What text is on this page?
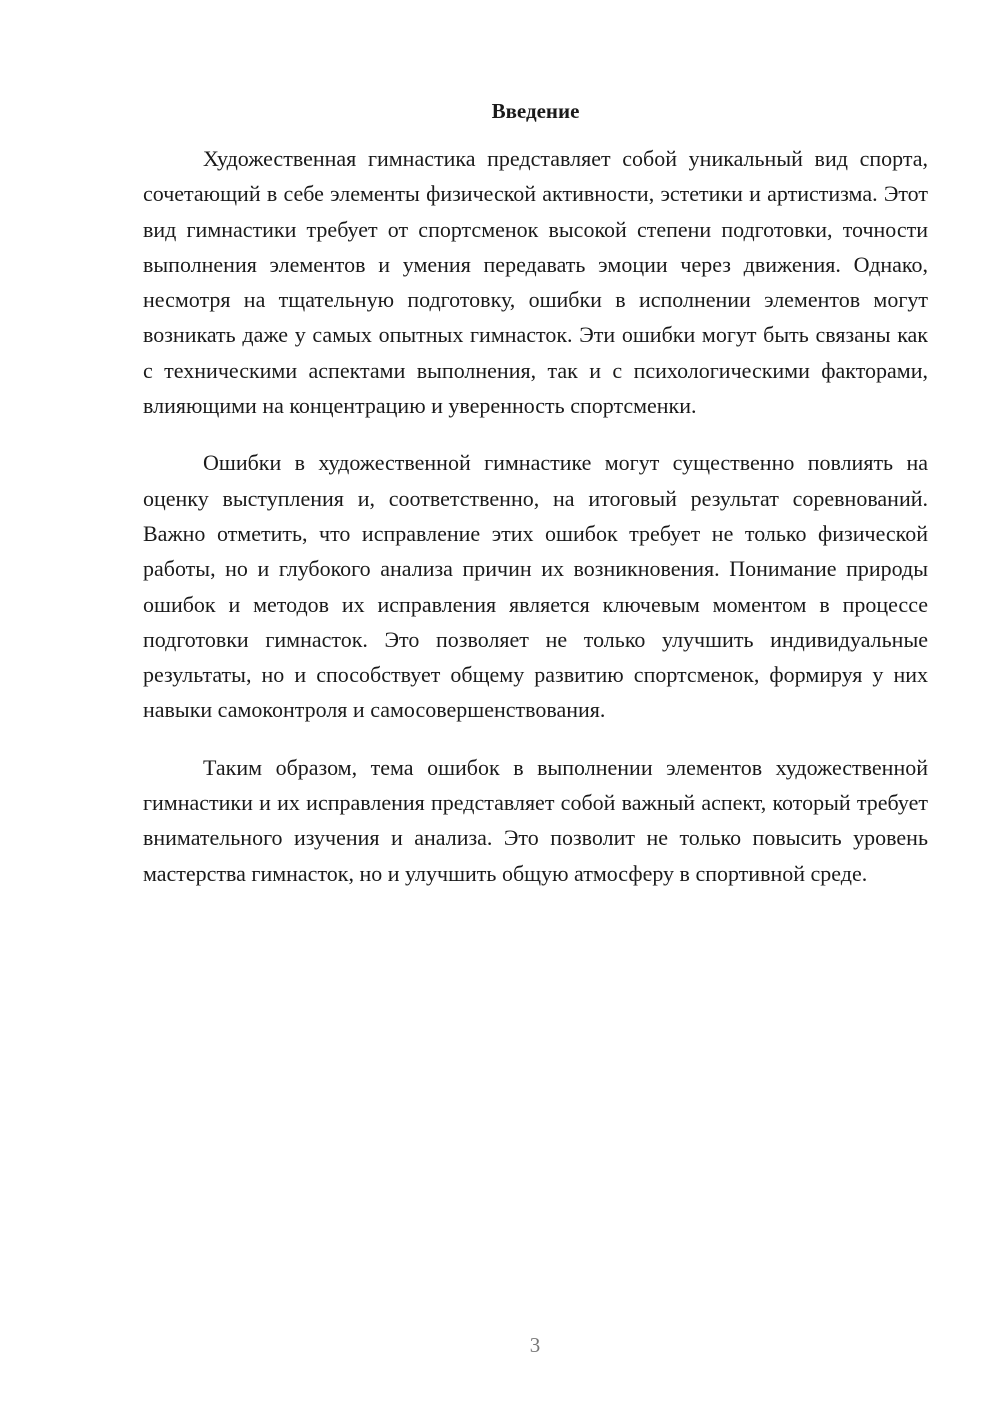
Введение

Художественная гимнастика представляет собой уникальный вид спорта, сочетающий в себе элементы физической активности, эстетики и артистизма. Этот вид гимнастики требует от спортсменок высокой степени подготовки, точности выполнения элементов и умения передавать эмоции через движения. Однако, несмотря на тщательную подготовку, ошибки в исполнении элементов могут возникать даже у самых опытных гимнасток. Эти ошибки могут быть связаны как с техническими аспектами выполнения, так и с психологическими факторами, влияющими на концентрацию и уверенность спортсменки.

Ошибки в художественной гимнастике могут существенно повлиять на оценку выступления и, соответственно, на итоговый результат соревнований. Важно отметить, что исправление этих ошибок требует не только физической работы, но и глубокого анализа причин их возникновения. Понимание природы ошибок и методов их исправления является ключевым моментом в процессе подготовки гимнасток. Это позволяет не только улучшить индивидуальные результаты, но и способствует общему развитию спортсменок, формируя у них навыки самоконтроля и самосовершенствования.

Таким образом, тема ошибок в выполнении элементов художественной гимнастики и их исправления представляет собой важный аспект, который требует внимательного изучения и анализа. Это позволит не только повысить уровень мастерства гимнасток, но и улучшить общую атмосферу в спортивной среде.

3
